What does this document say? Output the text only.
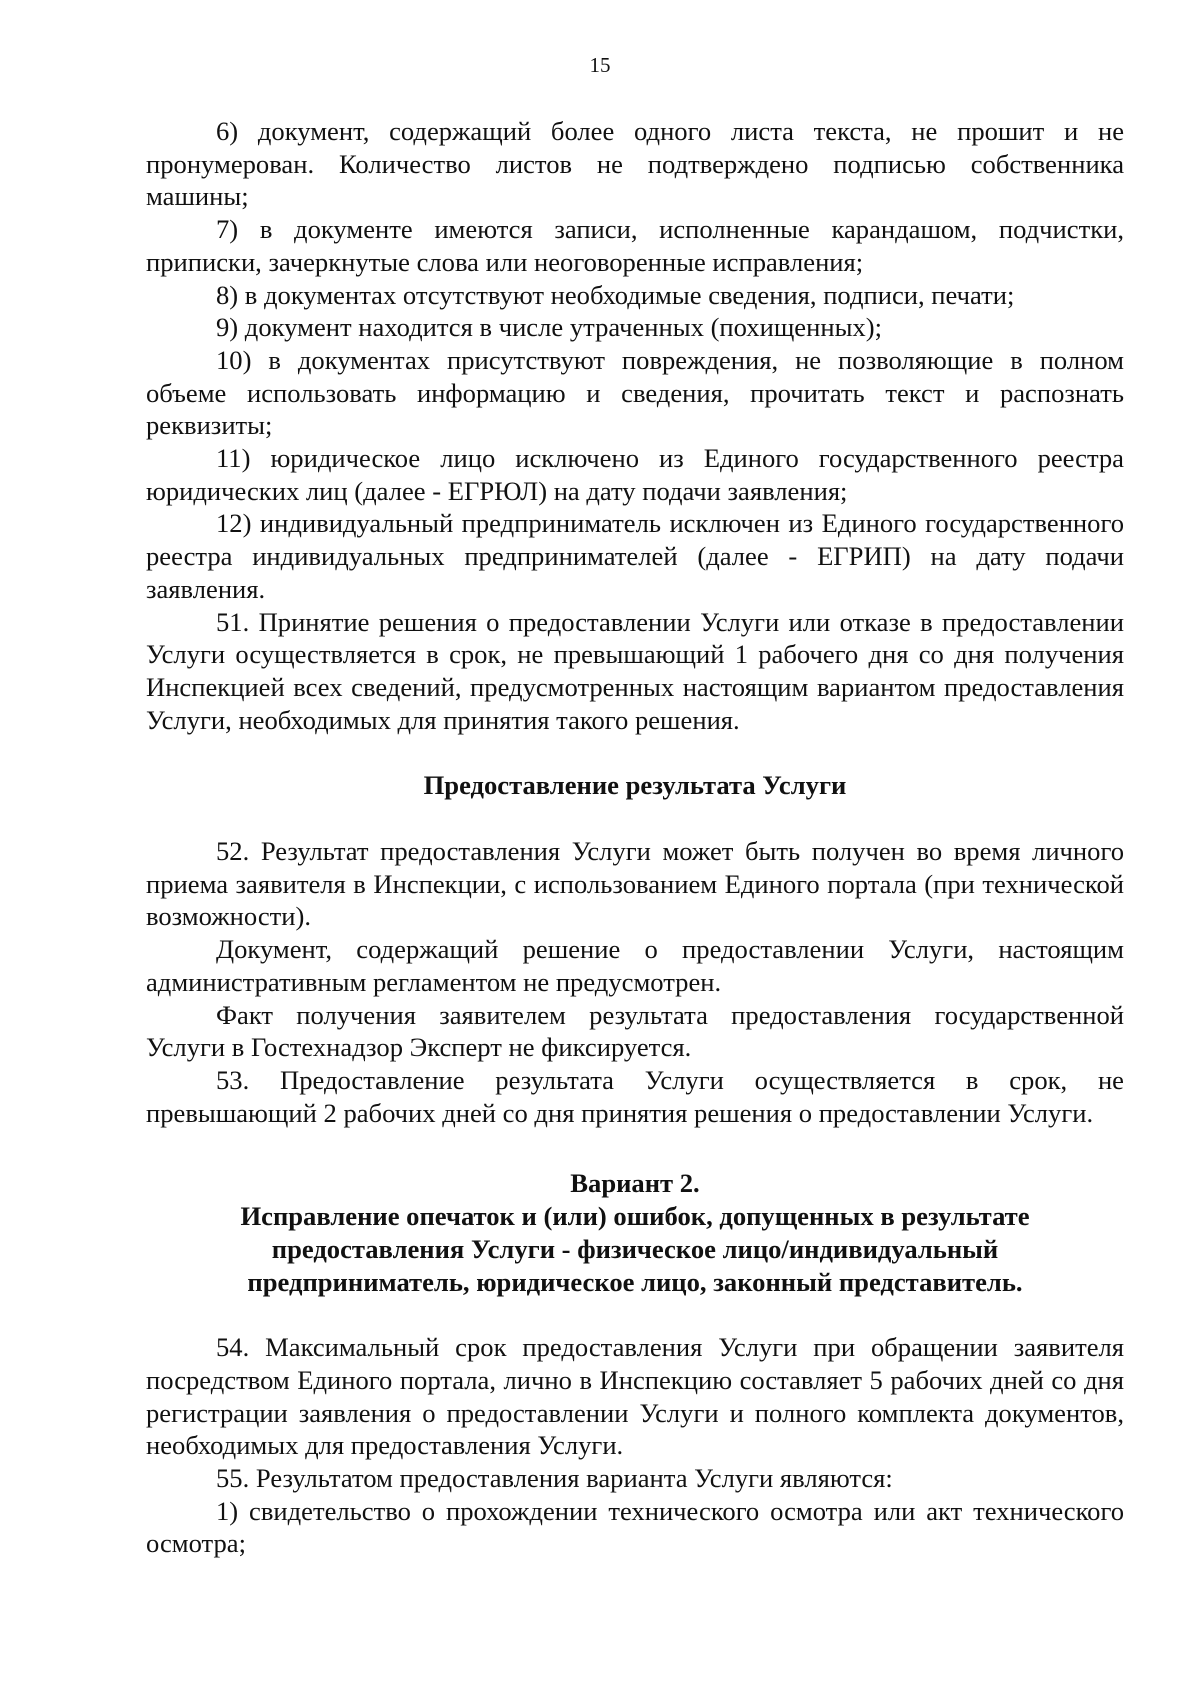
15

6) документ, содержащий более одного листа текста, не прошит и не пронумерован. Количество листов не подтверждено подписью собственника машины;

7) в документе имеются записи, исполненные карандашом, подчистки, приписки, зачеркнутые слова или неоговоренные исправления;

8) в документах отсутствуют необходимые сведения, подписи, печати;

9) документ находится в числе утраченных (похищенных);

10) в документах присутствуют повреждения, не позволяющие в полном объеме использовать информацию и сведения, прочитать текст и распознать реквизиты;

11) юридическое лицо исключено из Единого государственного реестра юридических лиц (далее - ЕГРЮЛ) на дату подачи заявления;

12) индивидуальный предприниматель исключен из Единого государственного реестра индивидуальных предпринимателей (далее - ЕГРИП) на дату подачи заявления.

51. Принятие решения о предоставлении Услуги или отказе в предоставлении Услуги осуществляется в срок, не превышающий 1 рабочего дня со дня получения Инспекцией всех сведений, предусмотренных настоящим вариантом предоставления Услуги, необходимых для принятия такого решения.

Предоставление результата Услуги

52. Результат предоставления Услуги может быть получен во время личного приема заявителя в Инспекции, с использованием Единого портала (при технической возможности).

Документ, содержащий решение о предоставлении Услуги, настоящим административным регламентом не предусмотрен.

Факт получения заявителем результата предоставления государственной Услуги в Гостехнадзор Эксперт не фиксируется.

53. Предоставление результата Услуги осуществляется в срок, не превышающий 2 рабочих дней со дня принятия решения о предоставлении Услуги.

Вариант 2.
Исправление опечаток и (или) ошибок, допущенных в результате
предоставления Услуги - физическое лицо/индивидуальный
предприниматель, юридическое лицо, законный представитель.

54. Максимальный срок предоставления Услуги при обращении заявителя посредством Единого портала, лично в Инспекцию составляет 5 рабочих дней со дня регистрации заявления о предоставлении Услуги и полного комплекта документов, необходимых для предоставления Услуги.

55. Результатом предоставления варианта Услуги являются:

1) свидетельство о прохождении технического осмотра или акт технического осмотра;
